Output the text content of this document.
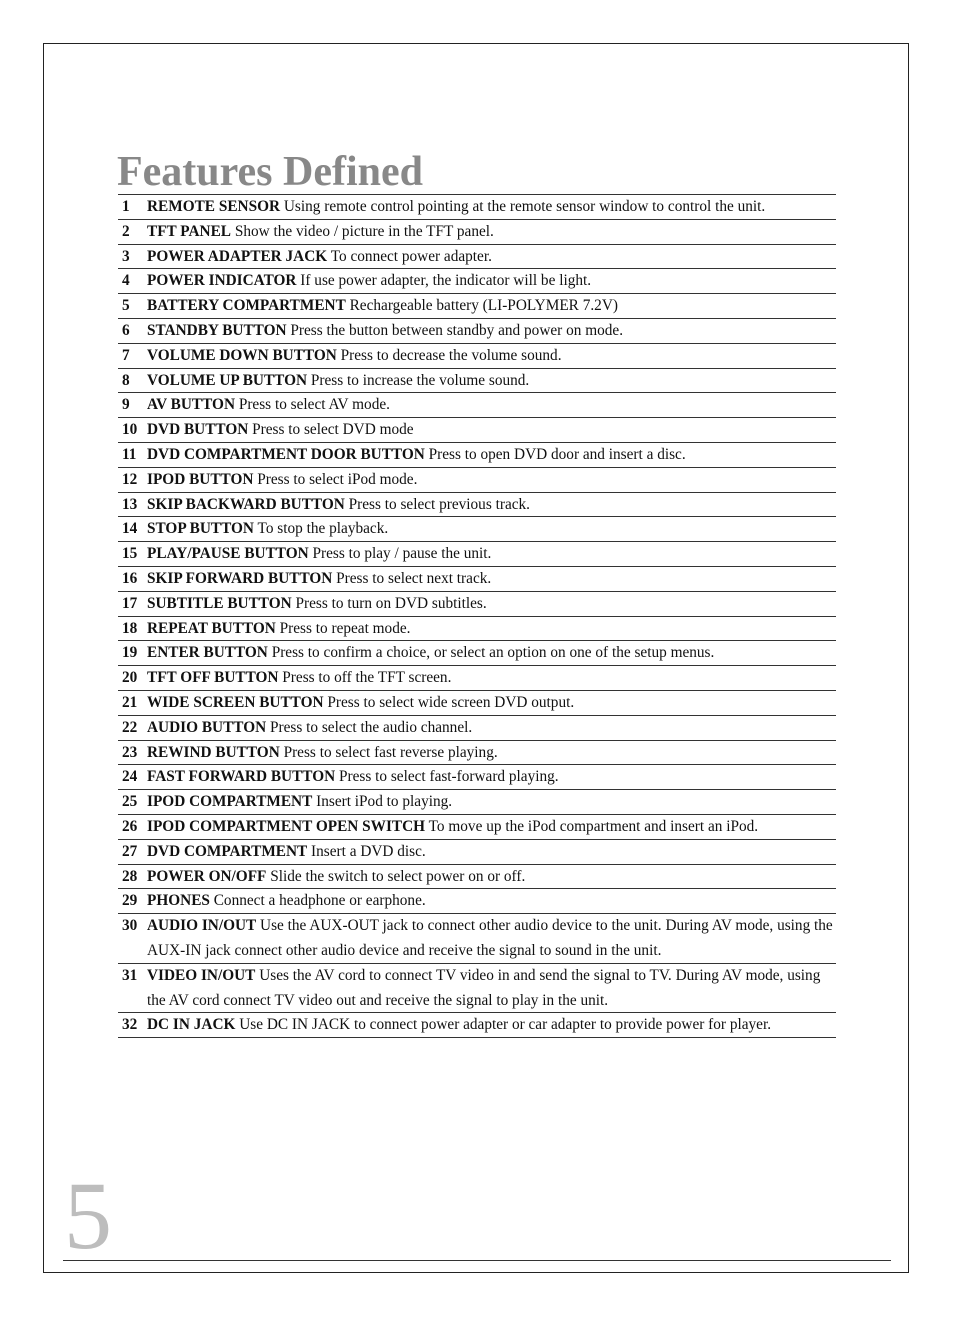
Features Defined
1	REMOTE SENSOR Using remote control pointing at the remote sensor window to control the unit.
2	TFT PANEL Show the video / picture in the TFT panel.
3	POWER ADAPTER JACK To connect power adapter.
4	POWER INDICATOR If use power adapter, the indicator will be light.
5	BATTERY COMPARTMENT Rechargeable battery (LI-POLYMER 7.2V)
6	STANDBY BUTTON Press the button between standby and power on mode.
7	VOLUME DOWN BUTTON Press to decrease the volume sound.
8	VOLUME UP BUTTON Press to increase the volume sound.
9	AV BUTTON Press to select AV mode.
10 DVD BUTTON Press to select DVD mode
11 DVD COMPARTMENT DOOR BUTTON Press to open DVD door and insert a disc.
12 IPOD BUTTON Press to select iPod mode.
13 SKIP BACKWARD BUTTON Press to select previous track.
14 STOP BUTTON To stop the playback.
15 PLAY/PAUSE BUTTON Press to play / pause the unit.
16 SKIP FORWARD BUTTON Press to select next track.
17 SUBTITLE BUTTON Press to turn on DVD subtitles.
18 REPEAT BUTTON Press to repeat mode.
19 ENTER BUTTON Press to confirm a choice, or select an option on one of the setup menus.
20 TFT OFF BUTTON Press to off the TFT screen.
21 WIDE SCREEN BUTTON Press to select wide screen DVD output.
22 AUDIO BUTTON Press to select the audio channel.
23 REWIND BUTTON Press to select fast reverse playing.
24 FAST FORWARD BUTTON Press to select fast-forward playing.
25 IPOD COMPARTMENT Insert iPod to playing.
26 IPOD COMPARTMENT OPEN SWITCH To move up the iPod compartment and insert an iPod.
27 DVD COMPARTMENT Insert a DVD disc.
28 POWER ON/OFF Slide the switch to select power on or off.
29 PHONES Connect a headphone or earphone.
30 AUDIO IN/OUT Use the AUX-OUT jack to connect other audio device to the unit. During AV mode, using the AUX-IN jack connect other audio device and receive the signal to sound in the unit.
31 VIDEO IN/OUT Uses the AV cord to connect TV video in and send the signal to TV. During AV mode, using the AV cord connect TV video out and receive the signal to play in the unit.
32 DC IN JACK Use DC IN JACK to connect power adapter or car adapter to provide power for player.
5
